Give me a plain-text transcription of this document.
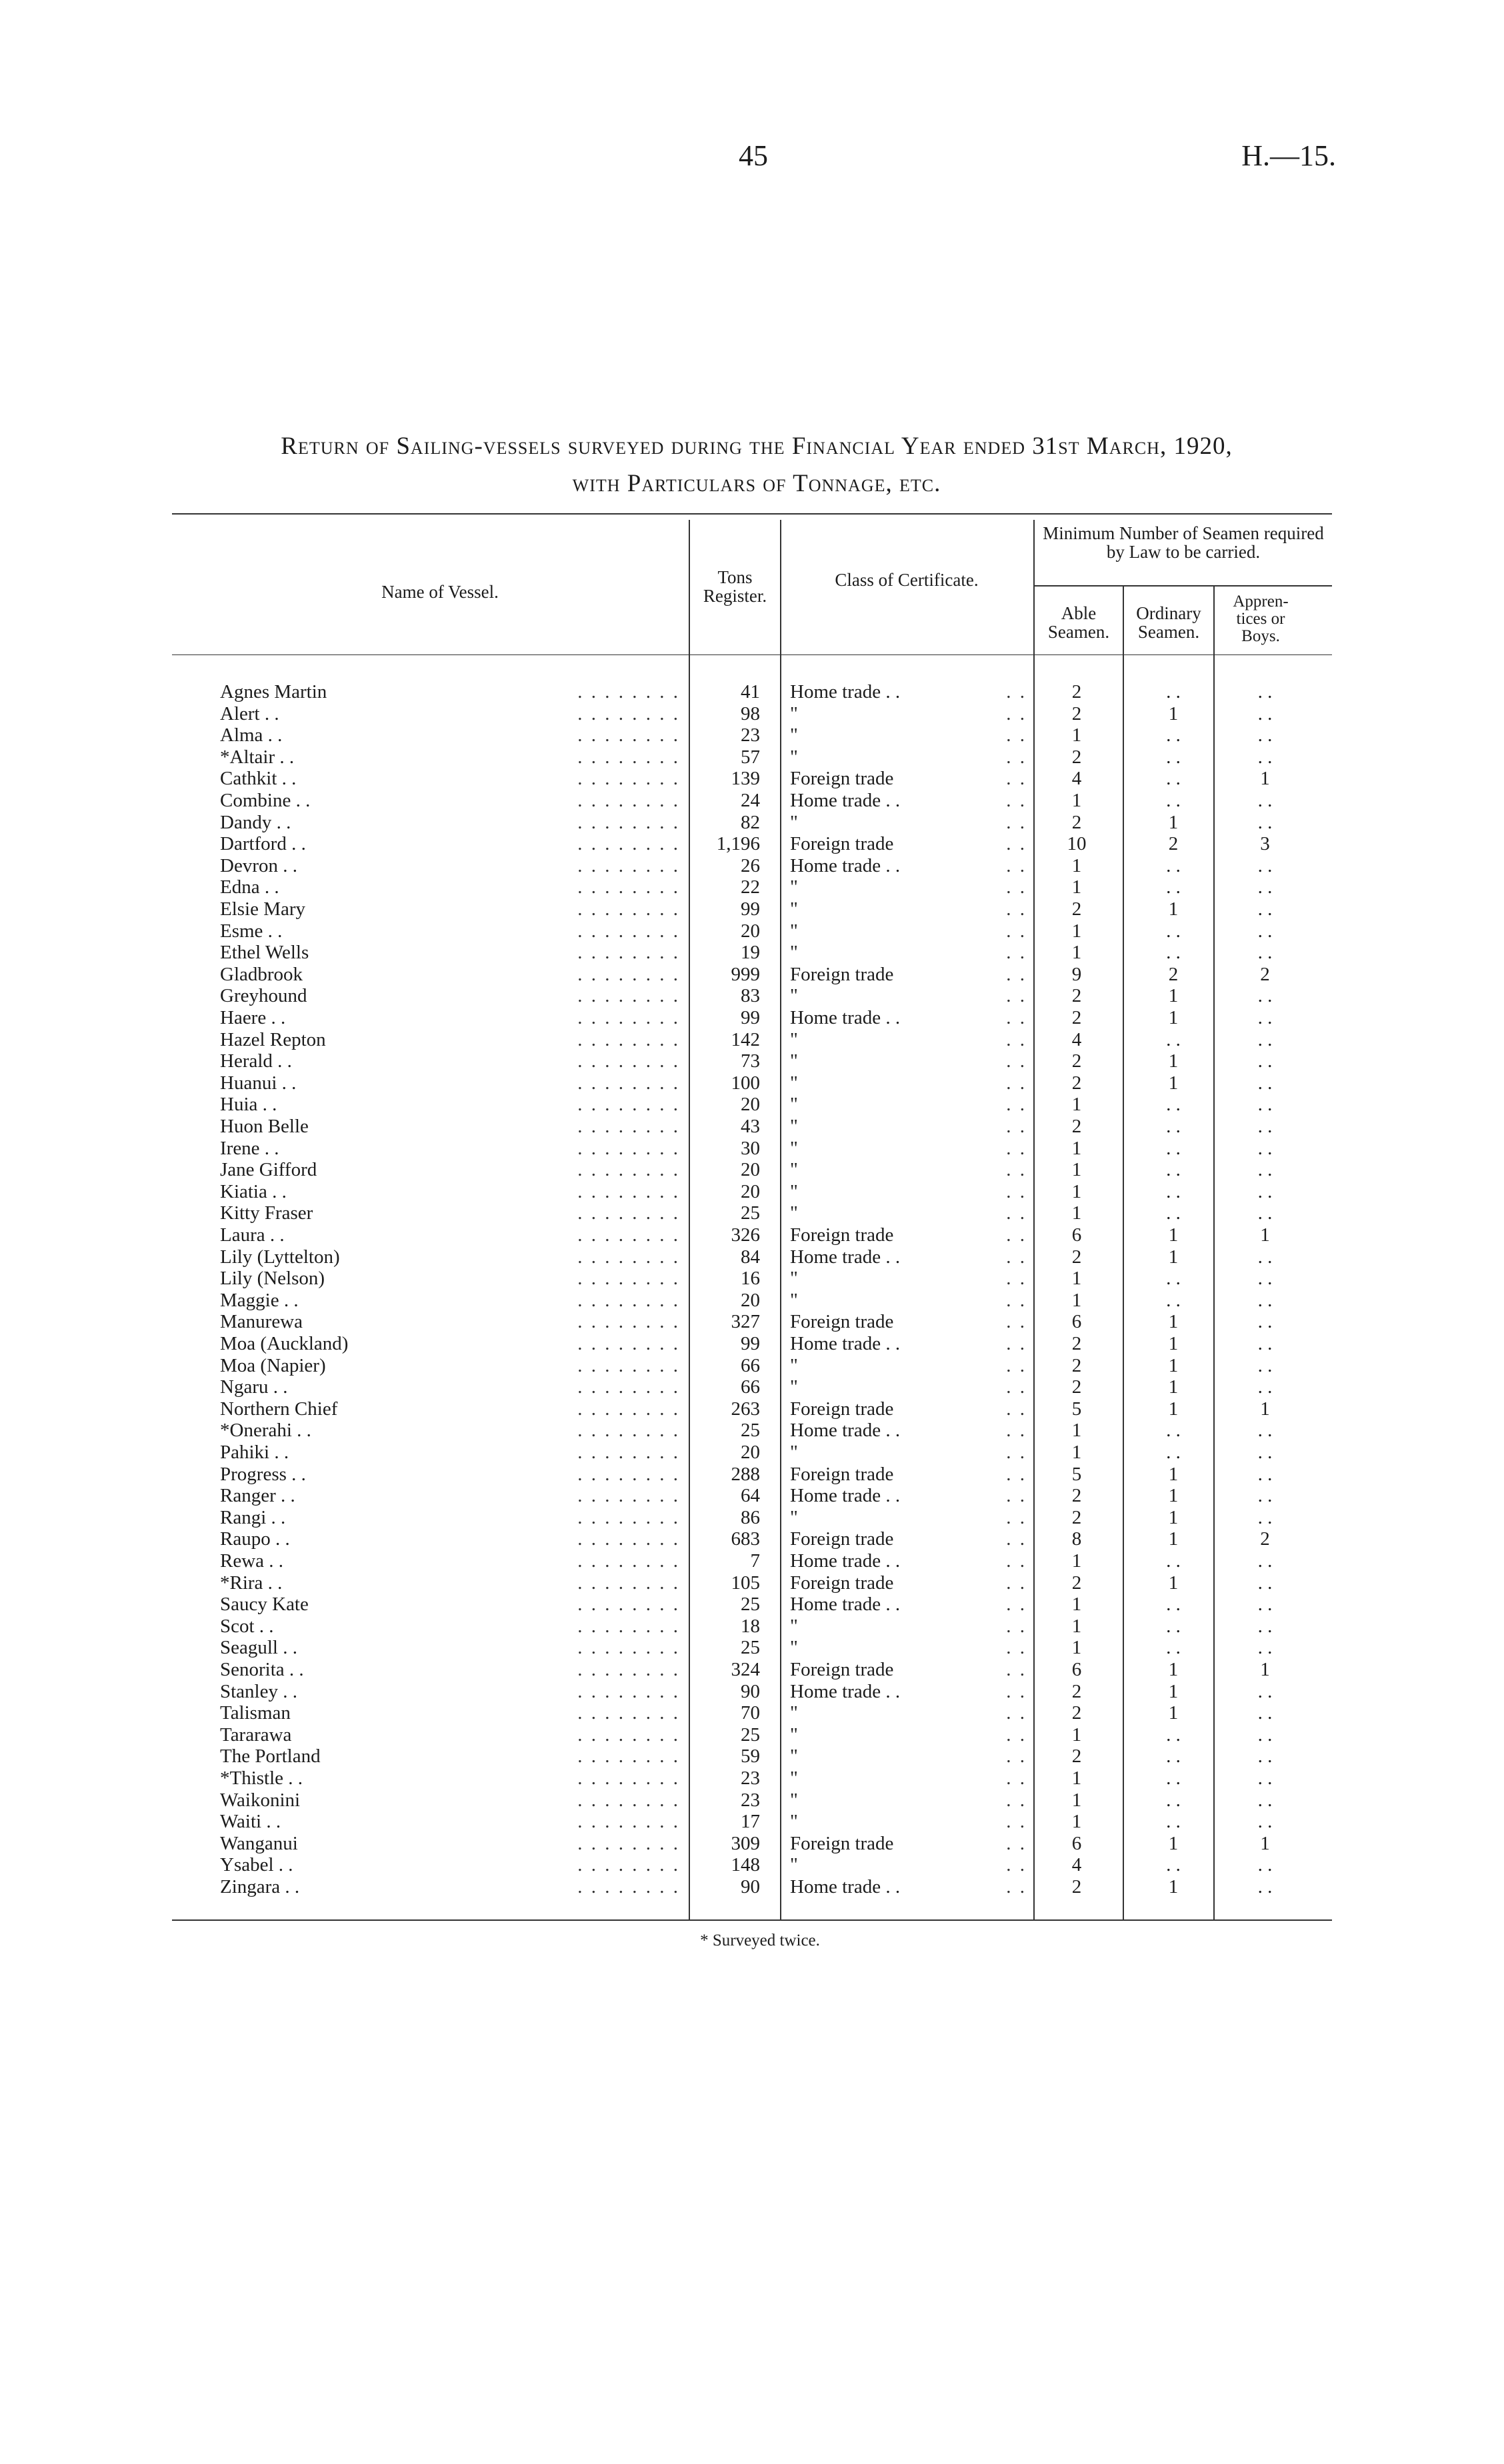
45	H.—15.
Return of Sailing-vessels surveyed during the Financial Year ended 31st March, 1920,
with Particulars of Tonnage, etc.
Name of Vessel.
Tons Register.
Class of Certificate.
Minimum Number of Seamen required by Law to be carried.
Able Seamen.
Ordinary Seamen.
Appren- tices or Boys.
Agnes Martin	. . . . . . . .	41 Home trade . .	. .	2	. .	. .
Alert . .	. . . . . . . .	98 "	. .	2	1	. .
Alma . .	. . . . . . . .	23 "	. .	1	. .	. .
*Altair . .	. . . . . . . .	57 "	. .	2	. .	. .
Cathkit . .	. . . . . . . .	139 Foreign trade	. .	4	. .	1
Combine . .	. . . . . . . .	24 Home trade . .	. .	1	. .	. .
Dandy . .	. . . . . . . .	82 "	. .	2	1	. .
Dartford . .	. . . . . . . .	1,196 Foreign trade	. .	10	2	3
Devron . .	. . . . . . . .	26 Home trade . .	. .	1	. .	. .
Edna . .	. . . . . . . .	22 "	. .	1	. .	. .
Elsie Mary	. . . . . . . .	99 "	. .	2	1	. .
Esme . .	. . . . . . . .	20 "	. .	1	. .	. .
Ethel Wells	. . . . . . . .	19 "	. .	1	. .	. .
Gladbrook	. . . . . . . .	999 Foreign trade	. .	9	2	2
Greyhound	. . . . . . . .	83 "	. .	2	1	. .
Haere . .	. . . . . . . .	99 Home trade . .	. .	2	1	. .
Hazel Repton	. . . . . . . .	142 "	. .	4	. .	. .
Herald . .	. . . . . . . .	73 "	. .	2	1	. .
Huanui . .	. . . . . . . .	100 "	. .	2	1	. .
Huia . .	. . . . . . . .	20 "	. .	1	. .	. .
Huon Belle	. . . . . . . .	43 "	. .	2	. .	. .
Irene . .	. . . . . . . .	30 "	. .	1	. .	. .
Jane Gifford	. . . . . . . .	20 "	. .	1	. .	. .
Kiatia . .	. . . . . . . .	20 "	. .	1	. .	. .
Kitty Fraser	. . . . . . . .	25 "	. .	1	. .	. .
Laura . .	. . . . . . . .	326 Foreign trade	. .	6	1	1
Lily (Lyttelton)	. . . . . . . .	84 Home trade . .	. .	2	1	. .
Lily (Nelson)	. . . . . . . .	16 "	. .	1	. .	. .
Maggie . .	. . . . . . . .	20 "	. .	1	. .	. .
Manurewa	. . . . . . . .	327 Foreign trade	. .	6	1	. .
Moa (Auckland)	. . . . . . . .	99 Home trade . .	. .	2	1	. .
Moa (Napier)	. . . . . . . .	66 "	. .	2	1	. .
Ngaru . .	. . . . . . . .	66 "	. .	2	1	. .
Northern Chief	. . . . . . . .	263 Foreign trade	. .	5	1	1
*Onerahi . .	. . . . . . . .	25 Home trade . .	. .	1	. .	. .
Pahiki . .	. . . . . . . .	20 "	. .	1	. .	. .
Progress . .	. . . . . . . .	288 Foreign trade	. .	5	1	. .
Ranger . .	. . . . . . . .	64 Home trade . .	. .	2	1	. .
Rangi . .	. . . . . . . .	86 "	. .	2	1	. .
Raupo . .	. . . . . . . .	683 Foreign trade	. .	8	1	2
Rewa . .	. . . . . . . .	7 Home trade . .	. .	1	. .	. .
*Rira . .	. . . . . . . .	105 Foreign trade	. .	2	1	. .
Saucy Kate	. . . . . . . .	25 Home trade . .	. .	1	. .	. .
Scot . .	. . . . . . . .	18 "	. .	1	. .	. .
Seagull . .	. . . . . . . .	25 "	. .	1	. .	. .
Senorita . .	. . . . . . . .	324 Foreign trade	. .	6	1	1
Stanley . .	. . . . . . . .	90 Home trade . .	. .	2	1	. .
Talisman	. . . . . . . .	70 "	. .	2	1	. .
Tararawa	. . . . . . . .	25 "	. .	1	. .	. .
The Portland	. . . . . . . .	59 "	. .	2	. .	. .
*Thistle . .	. . . . . . . .	23 "	. .	1	. .	. .
Waikonini	. . . . . . . .	23 "	. .	1	. .	. .
Waiti . .	. . . . . . . .	17 "	. .	1	. .	. .
Wanganui	. . . . . . . .	309 Foreign trade	. .	6	1	1
Ysabel . .	. . . . . . . .	148 "	. .	4	. .	. .
Zingara . .	. . . . . . . .	90 Home trade . .	. .	2	1	. .
* Surveyed twice.
